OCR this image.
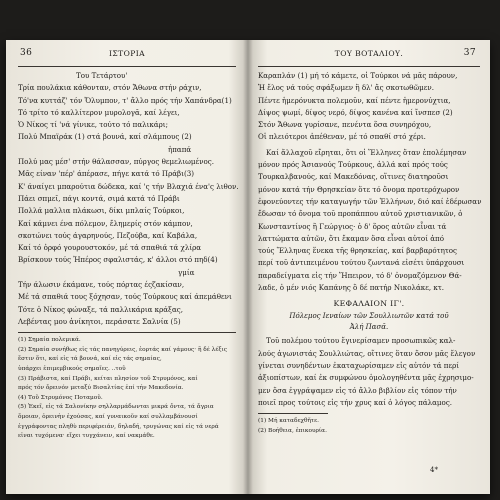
36	ΙΣΤΟΡΙΑ
Του Τετάρτου'
Τρία πουλάκια κάθονταν, στόν Ἄθωνα στήν ράχιν,
Τό'να κυττάζ' τόν Ὄλυμπον, τ' ἄλλο πρός τήν Χαπάνδρα(1)
Τό τρίτο τό καλλίτερον μυρολογᾶ, καί λέγει,
Ὁ Νίκος τί 'νά γίνικε, τούτο τό παλικάρι;
Πολύ Μπαϊράκ (1) στά βουνά, καί σλάμπους (2)
ἡπαπά
Πολύ μας μέσ' στήν θάλασσαν, πύργος θεμελιωμένος.
Μᾶς είναν 'πέρ' άπέρασε, πήγε κατά τό Πράβι(3)
Κ' άναίγει μπαρούτια δώδεκα, καί 'ς τήν Βλαχιά ένα'ς λιθον.
Πάει σπμεῖ, πάγι κοντά, σιμά κατά τό Πράβι
Πολλά μαλλια πλάκωσι, δίκι μπλαίς Τούρκοι,
Καί κάμνει ένα πόλεμον, ἔλημερίς στόν κάμπον,
σκοτώνει τούς άγαρηνούς, Πεζούβα, καί Καβάλα,
Καί τό ὀρφό γουρουστοκόν, μέ τά σπαθιά τά χλίρα
Βρίσκουν τούς Ἠπέρος σφαλιστάς, κ' άλλοι στό πηδ(4)
γμία
Τήν άλωσιν έκάμανε, τούς πόρτας έςζακίσαν,
Μέ τά σπαθιά τους ξόχησαν, τούς Τούρκους καί άπεμάθενι
Τότε ὁ Νίκος φώναξε, τά παλλικάρια κράξας,
Λεβέντας μου ἀνίκητοι, περάσατε Σαλνία (5)
(1) Σημαία πολεμικά.
(2) Σημαία συνήθως εἰς τάς πανηγύρεις, ἑορτάς καί γάμους· ἢ δέ λέξις
ἔστιν ὅτι, καί εἰς τά βουνά, καί εἰς τάς σημαίας,
ὑπάρχει ἐπιμεμβικούς σημαῖες. ..τοῦ
(3) Πράβιστα, καί Πράβι, κείται πλησίον τοῦ Στρυμόνος, καί
πρός τόν ὄρεινόν μεταξύ Βισαλτίας ἐπί τήν Μακεδονία.
(4) Τοῦ Στρυμόνος Ποταμοῦ.
(5) Ἐκεῖ, εἰς τά Σαλονίκην σηλλαρμάδωνται μικρά ὄντα, τά ἄγρια
ὅμοιαν, ὀρεινὴν ἐχούσας, καί γυναικοῦν καί συλλαμβάνουσί
ἐγγράφοντας πληθὺ περιφέρειάν, δηλαδή, τρυγώνας καί εἰς τά νερά
εἰναι τυχόμενα· εἴχει τυγχάνειν, καί νακμάθε.
ΤΟΥ ΒΟΤΑΛΙΟΥ.	37
Καραπλάν (1) μή τό κάμετε, οἱ Τούρκοι νά μᾶς πάρουν,
Ἡ ἔλος νά τούς σφάξωμεν ἢ δλ' ἄς σκοτωθῶμεν.
Πέντε ἡμερόνυκτα πολεμοῦν, καί πέντε ἡμερονύχτια,
Δίψος ψωμί, δίψος νερό, δίψος κανένα καί ἴνσπεσ (2)
Στόν Ἄθωνα γυρίσανε, πενέντα ὅσα συνηρόχου,
Οἱ πλειότεροι ἀπέθεναν, μέ τό σπαθί στό χέρι.
Καί ἄλλαχοῦ εἴρηται, ὅτι οἱ Ἕλληνες ὅταν ἐπολέμησαν
μόνον πρός Ἀσιανούς Τούρκους, ἀλλά καί πρός τούς
Τουρκαλβανούς, καί Μακεδόνας, οἵτινες διατηροῦσι
μόνον κατά τήν Θρησκείαν ὅτε τό ὄνομα προτερόχωρον
ἐφονεύοντες τήν καταγωγήν τῶν Ἑλλήνων, διό καί ἐδέρωσαν
ἔδωσαν τό ὄνομα τοῦ προπάππου αὐτοῦ χριστιανικῶν, ὁ
Κωνσταντίνος ἢ Γεώργιος· ὁ δ' ὅρος αὐτῶν εἶναι τά
λαττώματα αὐτῶν, ὅτι ἔκαμαν ὅσα εἶναι αὐτοί ἀπό
τούς Ἕλληνας ἕνεκα τῆς θρησκείας, καί βαρβαρότητος
περί τοῦ ἀντιπειμένου τούτου ζωντανά εἰσέτι ὑπάρχουσι
παραδείγματα εἰς τήν Ἥπειρον, τό δ' ὀνομαζόμενον Θά-
λαδε, ὁ μέν νιός Καπάνης ὃ δέ πατήρ Νικολάκε, κτ.
ΚΕΦΑΛΑΙΟΝ ΙΓ'.
Πόλεμος Ιεναίων τῶν Σουλλιωτῶν κατά τοῦ
Ἀλή Πασᾶ.
Τοῦ πολέμου τούτου ἔγινερίσαμεν προσωπικῶς καλ-
λούς ἀγωνιστάς Σουλλιώτας, οἵτινες ὅταν ὅσον μᾶς ἔλεγον
γίνεται συνηδέντων ἐκαταχωρίσαμεν εἰς αὐτόν τά περί
ἀξιοπίστων, καί ἐκ συμφώνου ὁμολογηθέντα μᾶς ἐχρησιμο-
μεν ὅσα ἐγγράψαμεν εἰς τό ἄλλο βιβλίον εἰς τόπον τήν
ποιεῖ προς τούτοις εἰς τήν χρυς καί ὁ λόγος πάλαμος.
(1) Μή καταδεχθῆτε.
(2) Βοήθεια, ἐπικουρία.
4*
